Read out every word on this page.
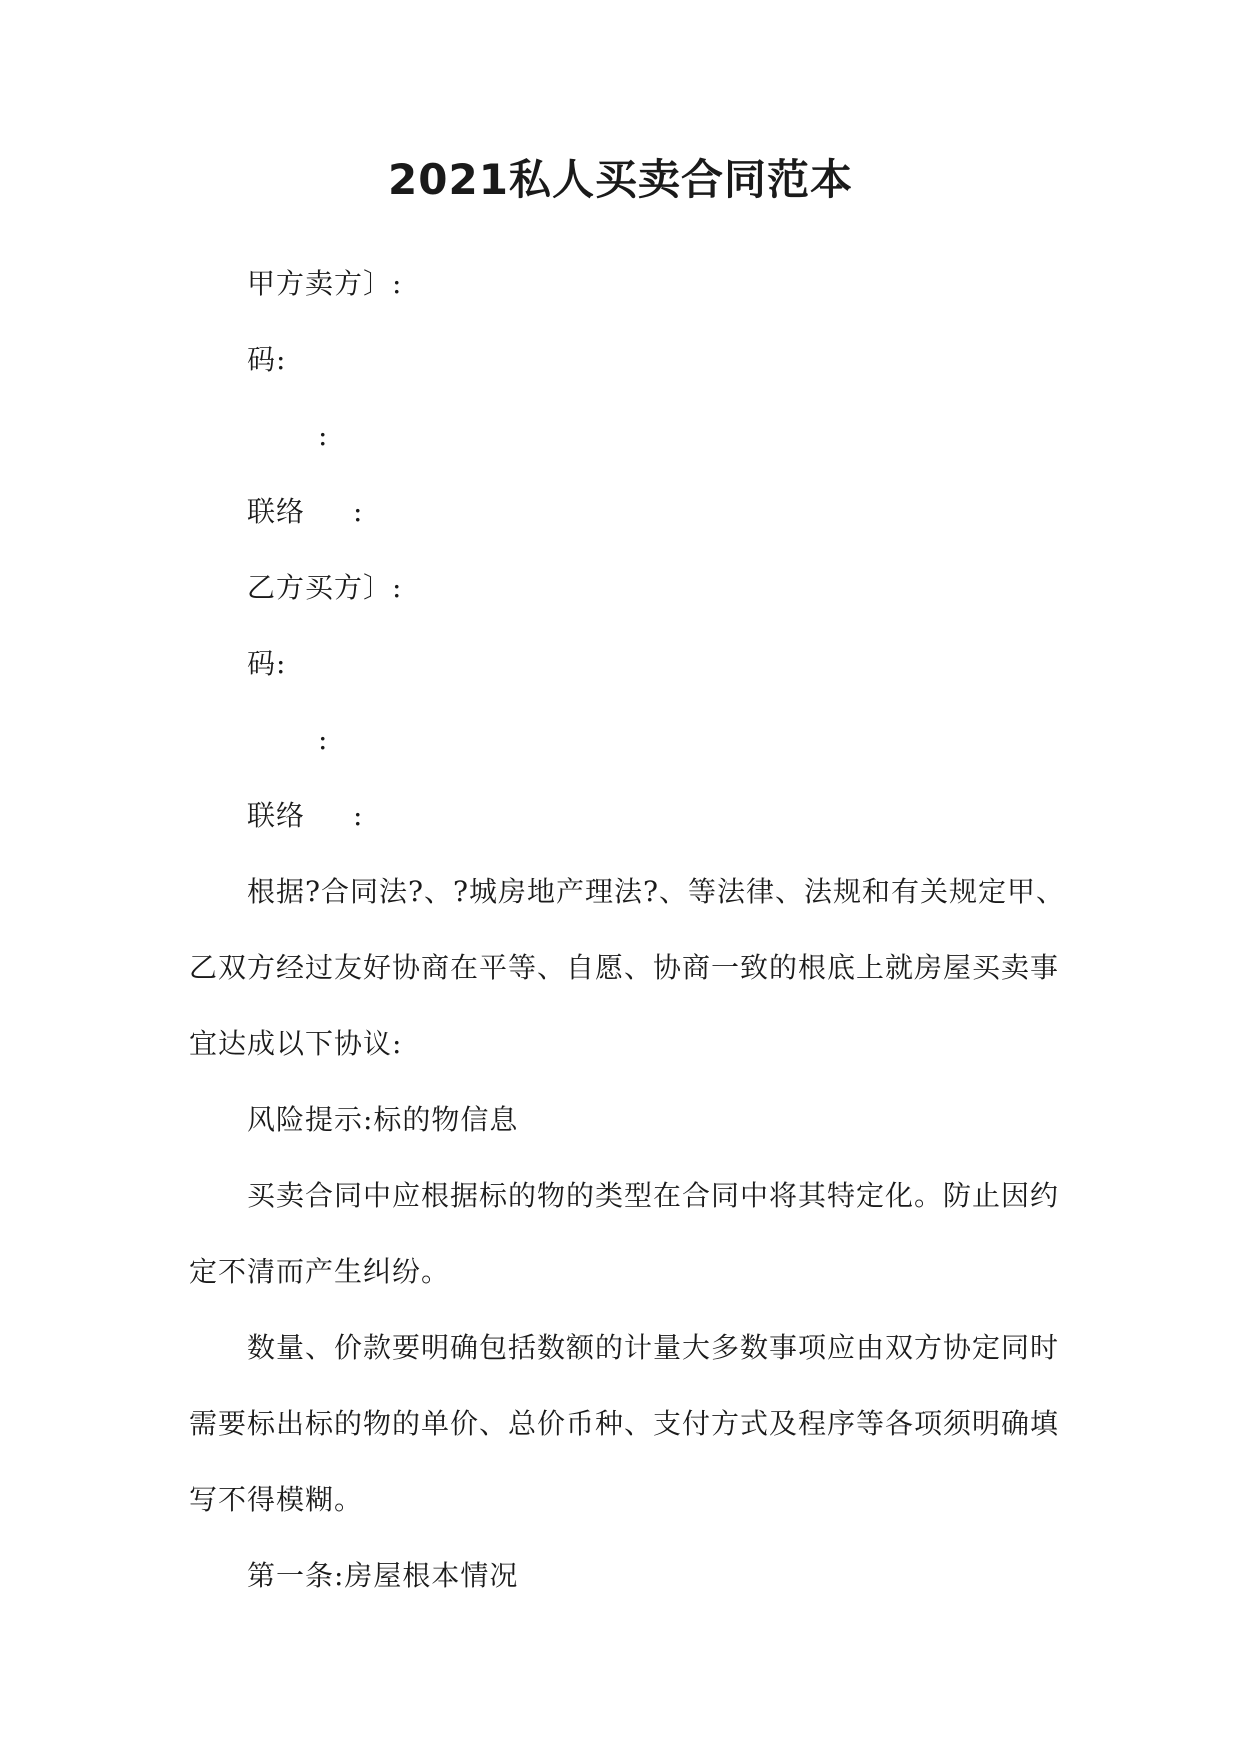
2021私人买卖合同范本
甲方卖方〕:
码:
:
联络 :
乙方买方〕:
码:
:
联络 :
根据?合同法?、?城房地产理法?、等法律、法规和有关规定甲、
乙双方经过友好协商在平等、自愿、协商一致的根底上就房屋买卖事
宜达成以下协议:
风险提示:标的物信息
买卖合同中应根据标的物的类型在合同中将其特定化。防止因约
定不清而产生纠纷。
数量、价款要明确包括数额的计量大多数事项应由双方协定同时
需要标出标的物的单价、总价币种、支付方式及程序等各项须明确填
写不得模糊。
第一条:房屋根本情况
